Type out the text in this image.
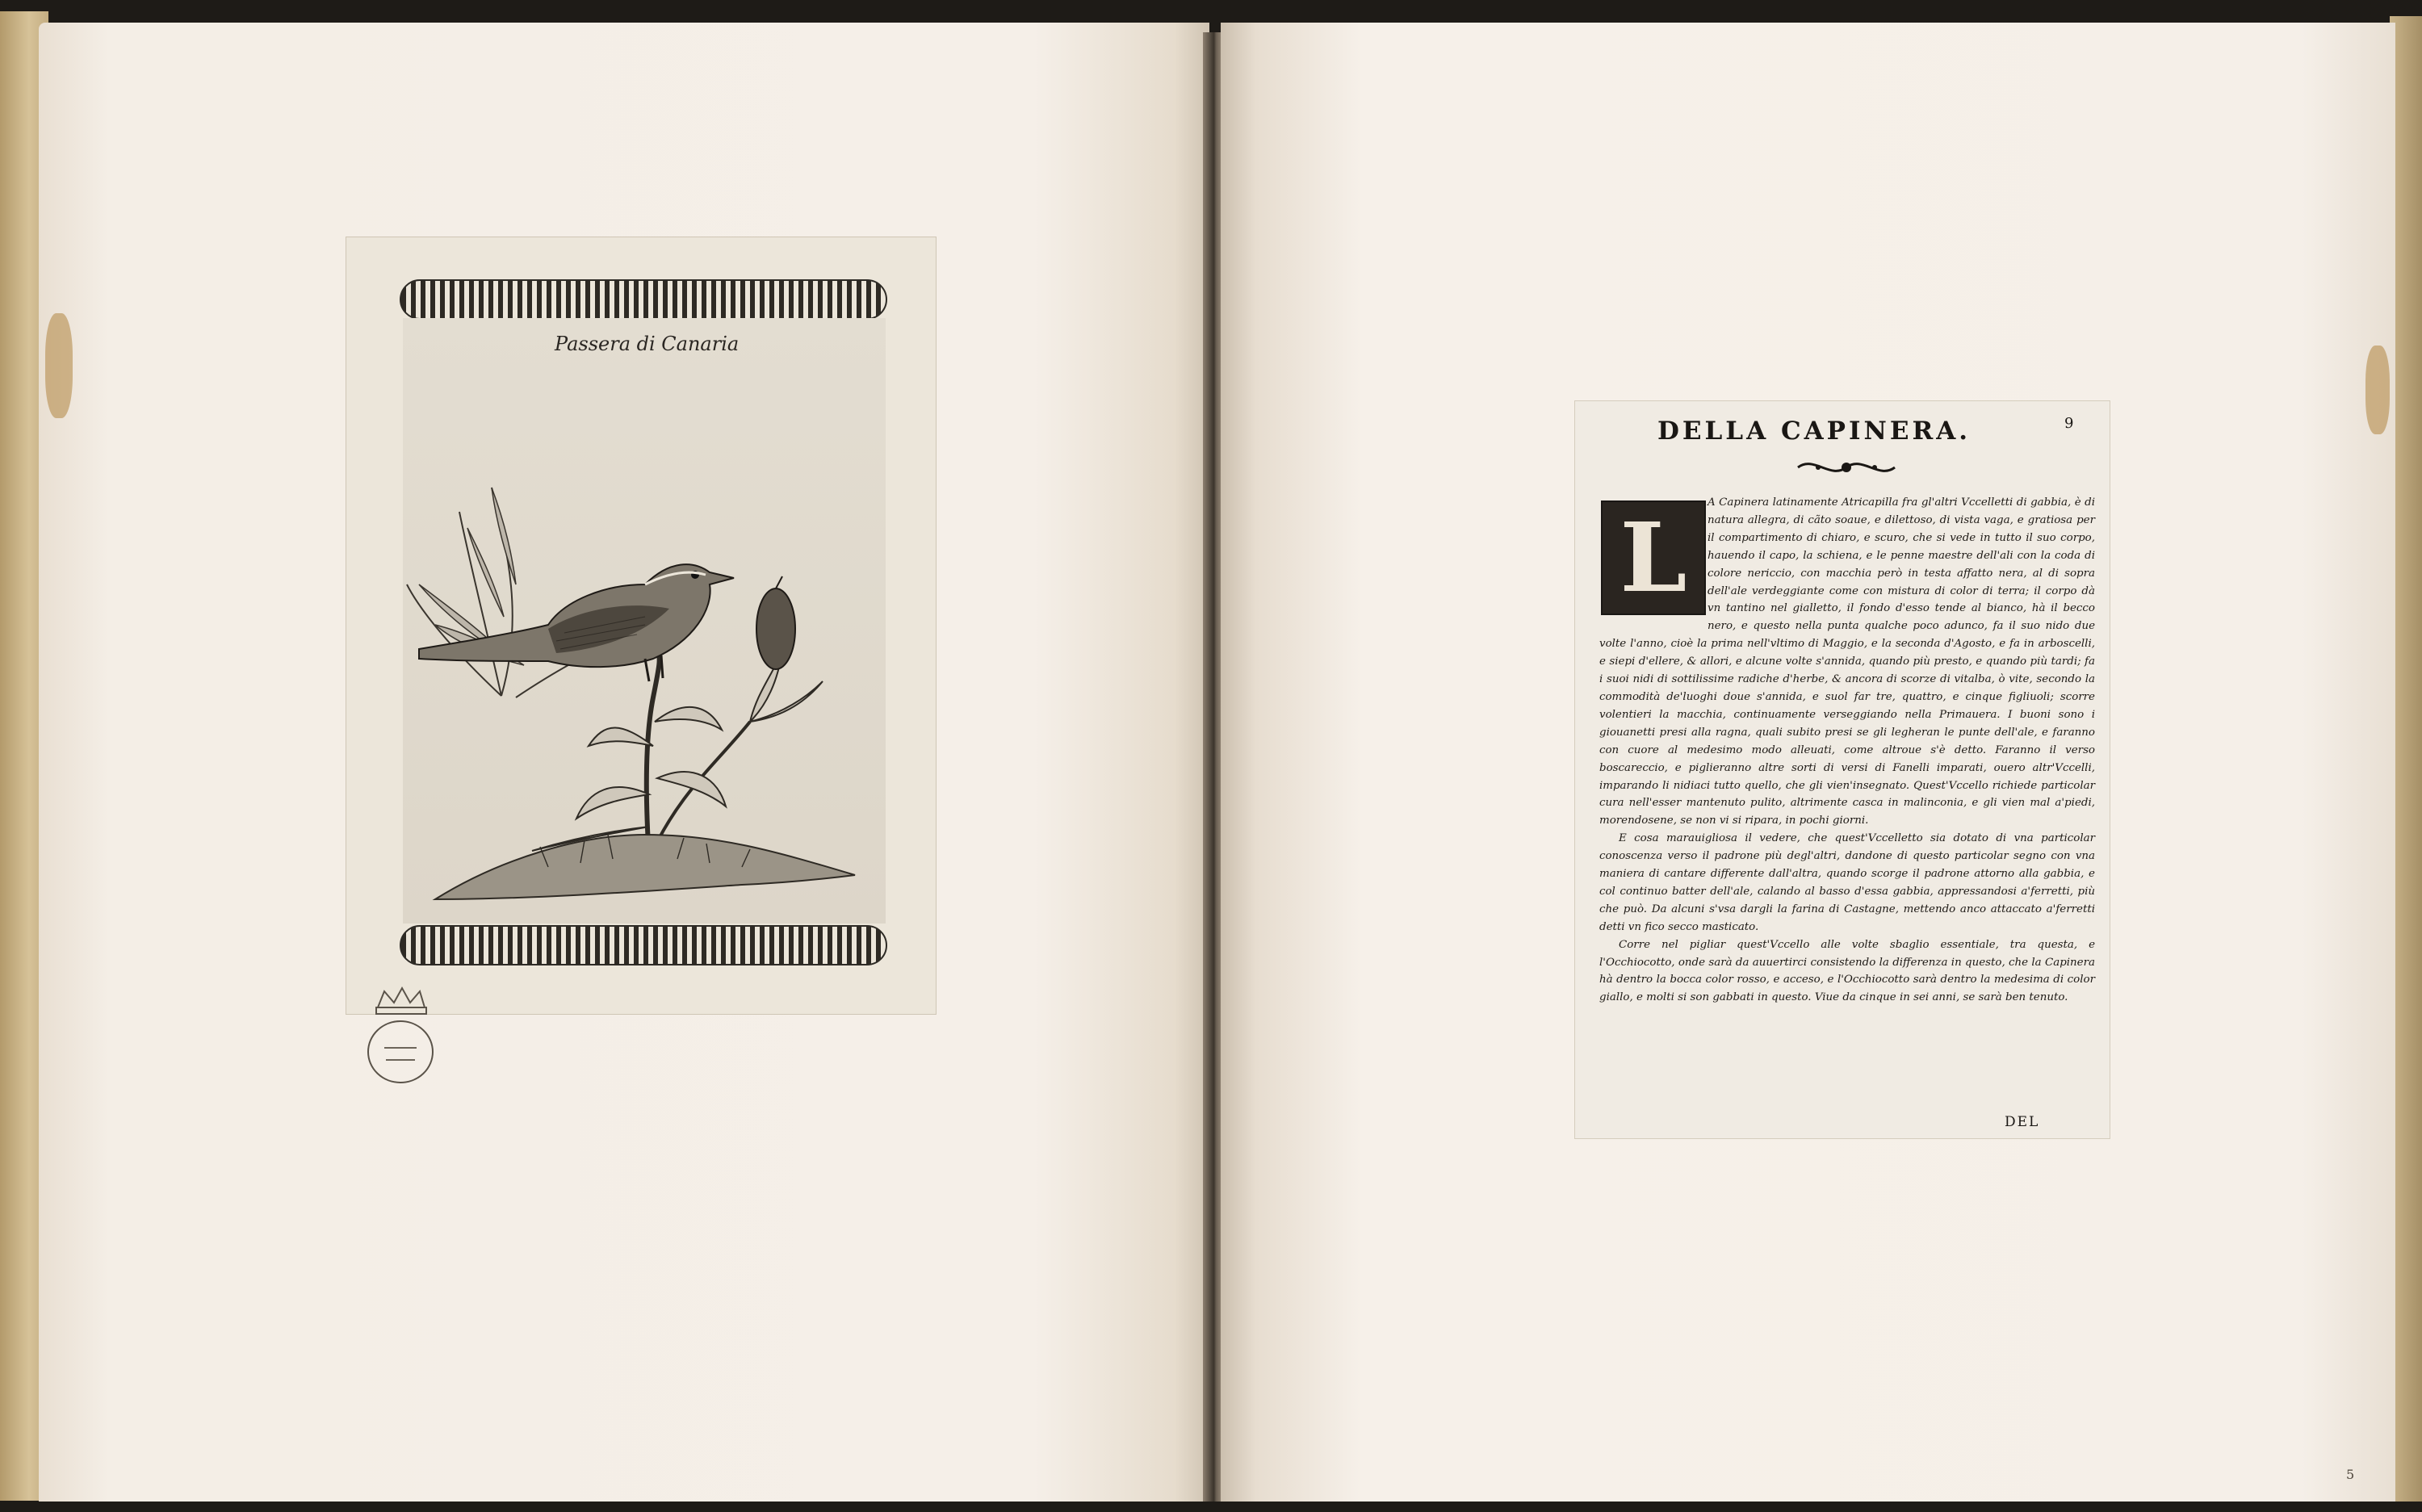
Passera di Canaria
DELLA CAPINERA.	9
L	A Capinera latinamente Atricapilla fra gl'altri Vccelletti di gabbia, è di natura allegra, di cãto soaue, e dilettoso, di vista vaga, e gratiosa per il compartimento di chiaro, e scuro, che si vede in tutto il suo corpo, hauendo il capo, la schiena, e le penne maestre dell'ali con la coda di colore nericcio, con macchia però in testa affatto nera, al di sopra dell'ale verdeggiante come con mistura di color di terra; il corpo dà vn tantino nel gialletto, il fondo d'esso tende al bianco, hà il becco nero, e questo nella punta qualche poco adunco, fa il suo nido due volte l'anno, cioè la prima nell'vltimo di Maggio, e la seconda d'Agosto, e fa in arboscelli, e siepi d'ellere, & allori, e alcune volte s'annida, quando più presto, e quando più tardi; fa i suoi nidi di sottilissime radiche d'herbe, & ancora di scorze di vitalba, ò vite, secondo la commodità de'luoghi doue s'annida, e suol far tre, quattro, e cinque figliuoli; scorre volentieri la macchia, continuamente verseggiando nella Primauera. I buoni sono i giouanetti presi alla ragna, quali subito presi se gli legheran le punte dell'ale, e faranno con cuore al medesimo modo alleuati, come altroue s'è detto. Faranno il verso boscareccio, e piglieranno altre sorti di versi di Fanelli imparati, ouero altr'Vccelli, imparando li nidiaci tutto quello, che gli vien'insegnato. Quest'Vccello richiede particolar cura nell'esser mantenuto pulito, altrimente casca in malinconia, e gli vien mal a'piedi, morendosene, se non vi si ripara, in pochi giorni.

E cosa marauigliosa il vedere, che quest'Vccelletto sia dotato di vna particolar conoscenza verso il padrone più degl'altri, dandone di questo particolar segno con vna maniera di cantare differente dall'altra, quando scorge il padrone attorno alla gabbia, e col continuo batter dell'ale, calando al basso d'essa gabbia, appressandosi a'ferretti, più che può. Da alcuni s'vsa dargli la farina di Castagne, mettendo anco attaccato a'ferretti detti vn fico secco masticato.

Corre nel pigliar quest'Vccello alle volte sbaglio essentiale, tra questa, e l'Occhiocotto, onde sarà da auuertirci consistendo la differenza in questo, che la Capinera hà dentro la bocca color rosso, e acceso, e l'Occhiocotto sarà dentro la medesima di color giallo, e molti si son gabbati in questo. Viue da cinque in sei anni, se sarà ben tenuto.

DEL
5
